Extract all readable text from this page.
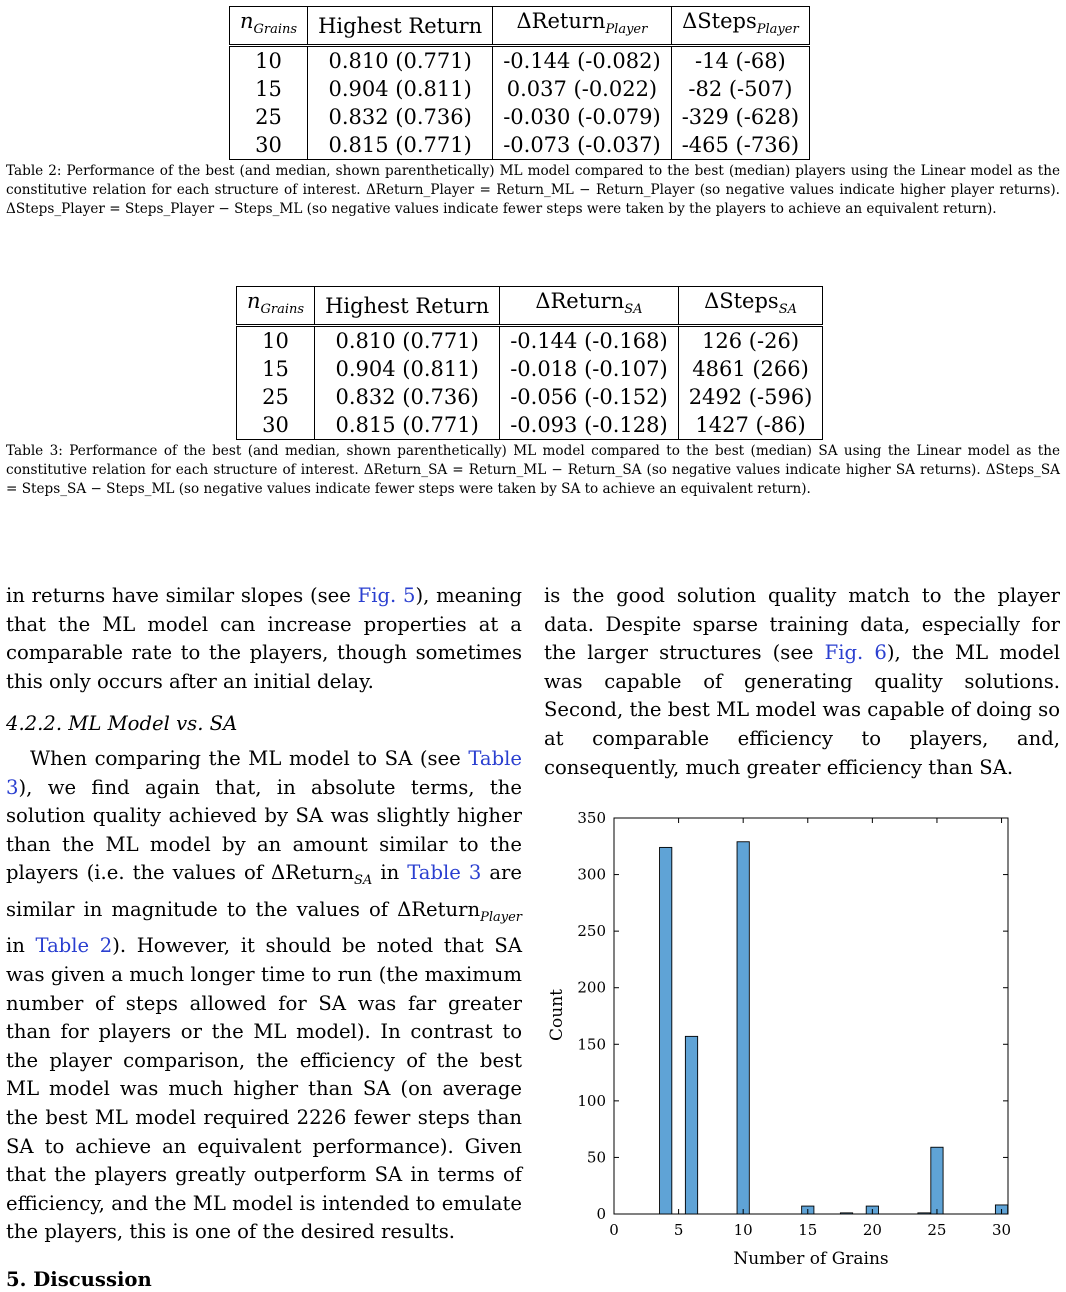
$n_{Grains}$	Highest Return	ΔReturn$_{Player}$	ΔSteps$_{Player}$
10	0.810 (0.771)	-0.144 (-0.082)	-14 (-68)
15	0.904 (0.811)	0.037 (-0.022)	-82 (-507)
25	0.832 (0.736)	-0.030 (-0.079)	-329 (-628)
30	0.815 (0.771)	-0.073 (-0.037)	-465 (-736)
Table 2: Performance of the best (and median, shown parenthetically) ML model compared to the best (median) players using the Linear model as the constitutive relation for each structure of interest. ΔReturn_Player = Return_ML − Return_Player (so negative values indicate higher player returns). ΔSteps_Player = Steps_Player − Steps_ML (so negative values indicate fewer steps were taken by the players to achieve an equivalent return).
$n_{Grains}$	Highest Return	ΔReturn$_{SA}$	ΔSteps$_{SA}$
10	0.810 (0.771)	-0.144 (-0.168)	126 (-26)
15	0.904 (0.811)	-0.018 (-0.107)	4861 (266)
25	0.832 (0.736)	-0.056 (-0.152)	2492 (-596)
30	0.815 (0.771)	-0.093 (-0.128)	1427 (-86)
Table 3: Performance of the best (and median, shown parenthetically) ML model compared to the best (median) SA using the Linear model as the constitutive relation for each structure of interest. ΔReturn_SA = Return_ML − Return_SA (so negative values indicate higher SA returns). ΔSteps_SA = Steps_SA − Steps_ML (so negative values indicate fewer steps were taken by SA to achieve an equivalent return).

in returns have similar slopes (see Fig. 5), meaning that the ML model can increase properties at a comparable rate to the players, though sometimes this only occurs after an initial delay.

4.2.2. ML Model vs. SA

When comparing the ML model to SA (see Table 3), we find again that, in absolute terms, the solution quality achieved by SA was slightly higher than the ML model by an amount similar to the players (i.e. the values of ΔReturn$_{SA}$ in Table 3 are similar in magnitude to the values of ΔReturn$_{Player}$ in Table 2). However, it should be noted that SA was given a much longer time to run (the maximum number of steps allowed for SA was far greater than for players or the ML model). In contrast to the player comparison, the efficiency of the best ML model was much higher than SA (on average the best ML model required 2226 fewer steps than SA to achieve an equivalent performance). Given that the players greatly outperform SA in terms of efficiency, and the ML model is intended to emulate the players, this is one of the desired results.

is the good solution quality match to the player data. Despite sparse training data, especially for the larger structures (see Fig. 6), the ML model was capable of generating quality solutions. Second, the best ML model was capable of doing so at comparable efficiency to players, and, consequently, much greater efficiency than SA.

0	5	10	15	20	25	30
0
50
100
150
200
250
300
350
Number of Grains
Count
5. Discussion
